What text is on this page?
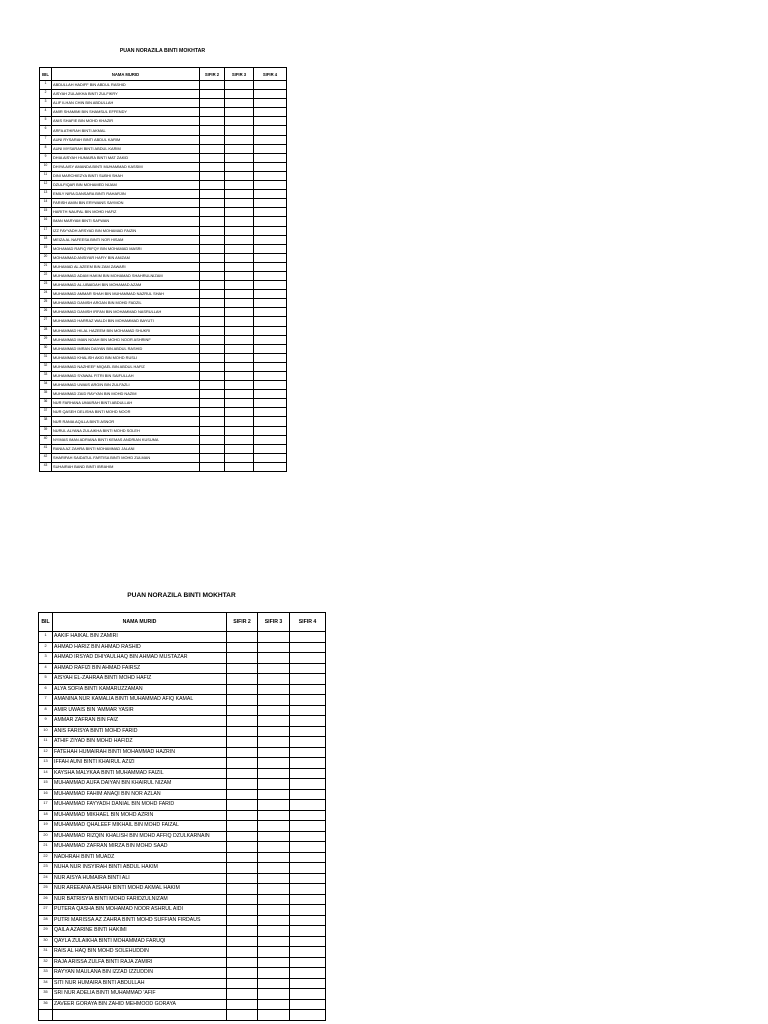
PUAN NORAZILA BINTI MOKHTAR
BIL	NAMA MURID	SIFIR 2	SIFIR 3	SIFIR 4
1	ABDULLAH HADIFF BIN ABDUL RASHID			
2	AISYAH ZULAIKHA BINTI ZULFIKRY			
3	ALIF ILHAN CHIN BIN ABDULLAH			
4	AMIR SHAMIMI BIN SHAMSUL EFFENDY			
5	ANIS SHAFIE BIN MOHD KHAZIR			
6	ARFA ATHIRAH BINTI AKMAL			
7	AUNI RYSARAH BINTI ABDUL KARIM			
8	AUNI MYSARAH BINTI ABDUL KARIM			
9	DHIA AISYAH HUMAIRA BINTI MAT ZAKID			
10	DHIYA AISY AMANDA BINTI MUHAMMAD KASSIM			
11	DINI MARCHIEZYA BINTI SUBHI SHAH			
12	DZULFIQAR BIN MOHAMED NIJAM			
13	EMILY NIRA DANSARA BINTI RAHARJIN			
14	FARISH AMIN BIN ERYWANS SAYMON			
15	HARITH NAUFAL BIN MOHD HAFIZ			
16	IMAN MARYAM BINTI SAFWAN			
17	IZZ FAYYADH ARSYAD BIN MOHAMAD FAIZIN			
18	MEIZA AL NAFEESA BINTI NOR HISAM			
19	MOHAMAD RAFIQ RIFQY BIN MOHAMAD MASRI			
20	MOHAMMAD ANSIYAR HAFIY BIN ANIZAM			
21	MUHAMAD AL AZEEM BIN ZAM ZAWARI			
22	MUHAMMAD ADAM HAKIM BIN MOHAMAD SHAHRULNIZAM			
23	MUHAMMAD AL-UBAIDAH BIN MOHAMAD AZAM			
24	MUHAMMAD AMMAR SHAH BIN MUHAMMAD NAZRUL SHAH			
25	MUHAMMAD DANISH ARGAN BIN MOHD FADZIL			
26	MUHAMMAD DANISH IRFAN BIN MOHAMMAD NASRULLAH			
27	MUHAMMAD HARRAZ WALDI BIN MOHAMMAD BAYUTI			
28	MUHAMMAD HILAL HAZEEM BIN MOHAMAD SHUKRI			
29	MUHAMMAD IMAN NOAH BIN MOHD NOOR ASHRINF			
30	MUHAMMAD IMRAN DAIYAN BIN ABDUL RASHID			
31	MUHAMMAD KHALISH AKID BIN MOHD RUSLI			
32	MUHAMMAD NAZHEEF MIQAEL BIN ABDUL HAFIZ			
33	MUHAMMAD SYAWAL FITRI BIN SAIFULLAH			
34	MUHAMMAD UWAIS ARGIN BIN ZULFAZLI			
35	MUHAMMAD ZAID RAYYAN BIN MOHD NAZIM			
36	NUR FARHANA UMAIRAH BINTI ABDULLAH			
37	NUR QASEH DELISHA BINTI MOHD NOOR			
38	NUR RANIA AQILLA BINTI ASNOR			
39	NURUL ALYANA ZULAIKHA BINTI MOHD SOLEH			
40	NYIMAS IMAN ADRIANA BINTI KEMAS ANDRIAN KUSUMA			
41	RANIA AZ ZAHRA BINTI MOHAMMAD JALANI			
42	SHARIFAH SAIDATUL FARTISA BINTI MOHD ZULMAN			
43	SUHAIRAH BAND BINTI IBRAHIM			
PUAN NORAZILA BINTI MOKHTAR
BIL	NAMA MURID	SIFIR 2	SIFIR 3	SIFIR 4
1	AAKIF HAIKAL BIN ZAMIRI			
2	AHMAD HARIZ BIN AHMAD RASHID			
3	AHMAD IRSYAD DHIYAULHAQ BIN AHMAD MUSTAZAR			
4	AHMAD RAFIZI BIN AHMAD FAIRSZ			
5	AISYAH EL-ZAHRAA BINTI MOHD HAFIZ			
6	ALYA SOFIA BINTI KAMARUZZAMAN			
7	AMANINA NUR KAMALIA BINTI MUHAMMAD AFIQ KAMAL			
8	AMIR UWAIS BIN 'AMMAR YASIR			
9	AMMAR ZAFRAN BIN FAIZ			
10	ANIS FARISYA BINTI MOHD FARID			
11	ATHIF ZIYAD BIN MOHD HAFIDZ			
12	FATEHAH HUMAIRAH BINTI MOHAMMAD HAZRIN			
13	IFFAH AUNI BINTI KHAIRUL AZIZI			
14	KAYSHA MALYKAA BINTI MUHAMMAD FAIZIL			
15	MUHAMMAD AUFA DAIYAN BIN KHAIRUL NIZAM			
16	MUHAMMAD FAHIM ANAQI BIN NOR AZLAN			
17	MUHAMMAD FAYYADH DANIAL BIN MOHD FARID			
18	MUHAMMAD MIKHAEL BIN MOHD AZRIN			
19	MUHAMMAD QHALEEF MIKHAIL BIN MOHD FAIZAL			
20	MUHAMMAD RIZQIN KHALISH BIN MOHD AFFIQ DZULKARNAIN			
21	MUHAMMAD ZAFRAN MIRZA BIN MOHD SAAD			
22	NADHRAH BINTI MUADZ			
23	NUHA NUR INSYIRAH BINTI ABDUL HAKIM			
24	NUR AISYA HUMAIRA BINTI ALI			
25	NUR AREEANA AISHAH BINTI MOHD AKMAL HAKIM			
26	NUR BATRISYIA BINTI MOHD FARIDZULNIZAM			
27	PUTERA QASHA BIN MOHAMAD NOOR ASHRUL AIDI			
28	PUTRI MARISSA AZ ZAHRA BINTI MOHD SUFFIAN FIRDAUS			
29	QAILA AZARINE BINTI HAKIMI			
30	QAYLA ZULAIKHA BINTI MOHAMMAD FARUQI			
31	RAIS AL HAQ BIN MOHD SOLEHUDDIN			
32	RAJA ARISSA ZULFA BINTI RAJA ZAMIRI			
33	RAYYAN MAULANA BIN IZZAD IZZUDDIN			
34	SITI NUR HUMAIRA BINTI ABDULLAH			
35	SRI NUR ADELIA BINTI MUHAMMAD 'AFIF			
36	ZAVEER GORAYA BIN ZAHID MEHMOOD GORAYA			
